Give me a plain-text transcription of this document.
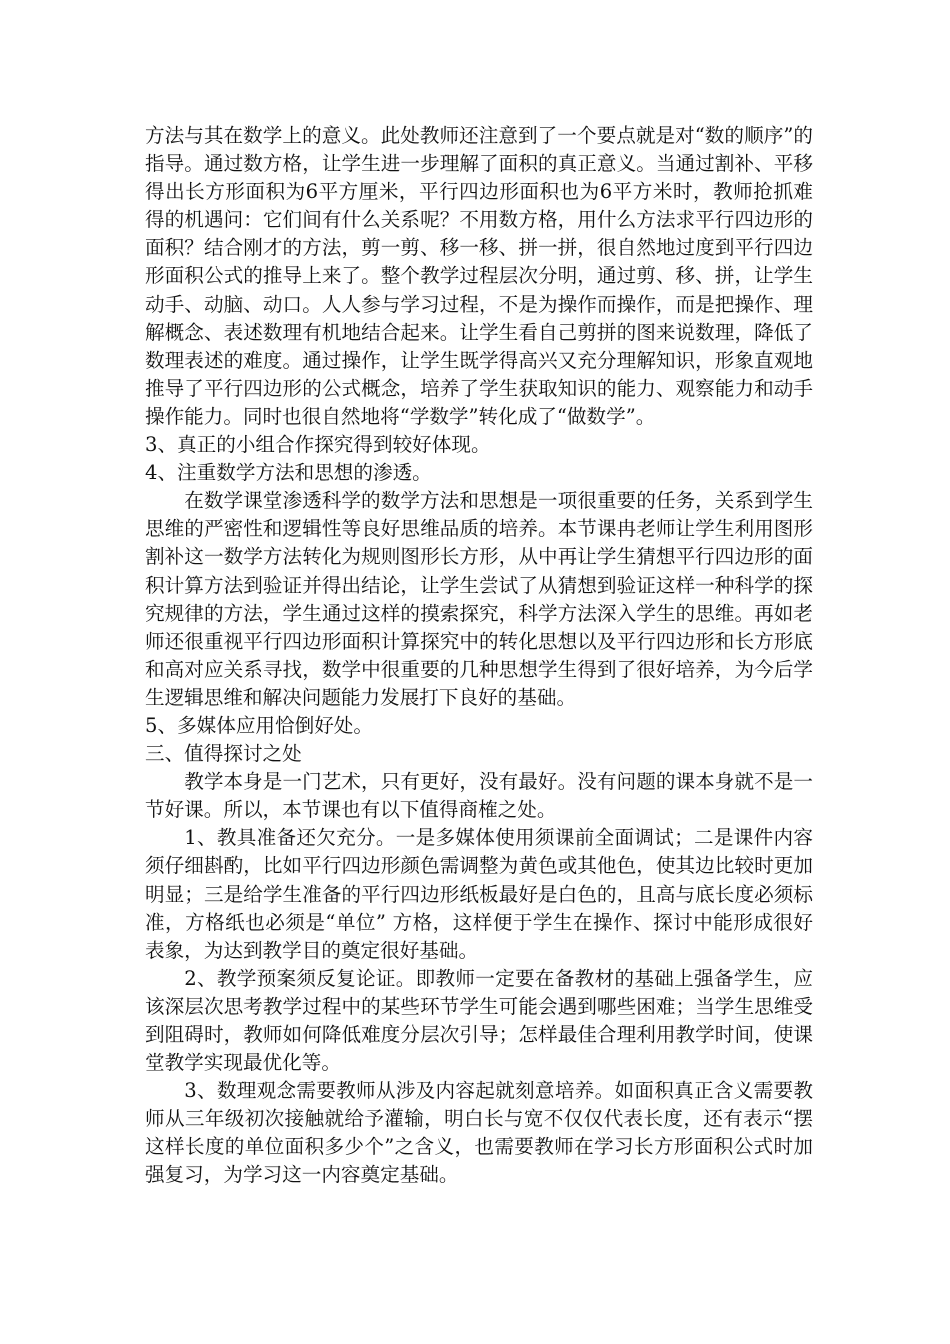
方法与其在数学上的意义。此处教师还注意到了一个要点就是对“数的顺序”的指导。通过数方格，让学生进一步理解了面积的真正意义。当通过割补、平移得出长方形面积为6平方厘米，平行四边形面积也为6平方米时，教师抢抓难得的机遇问：它们间有什么关系呢？不用数方格，用什么方法求平行四边形的面积？结合刚才的方法，剪一剪、移一移、拼一拼，很自然地过度到平行四边形面积公式的推导上来了。整个教学过程层次分明，通过剪、移、拼，让学生动手、动脑、动口。人人参与学习过程，不是为操作而操作，而是把操作、理解概念、表述数理有机地结合起来。让学生看自己剪拼的图来说数理，降低了数理表述的难度。通过操作，让学生既学得高兴又充分理解知识，形象直观地推导了平行四边形的公式概念，培养了学生获取知识的能力、观察能力和动手操作能力。同时也很自然地将“学数学”转化成了“做数学”。

3、真正的小组合作探究得到较好体现。

4、注重数学方法和思想的渗透。

在数学课堂渗透科学的数学方法和思想是一项很重要的任务，关系到学生思维的严密性和逻辑性等良好思维品质的培养。本节课冉老师让学生利用图形割补这一数学方法转化为规则图形长方形，从中再让学生猜想平行四边形的面积计算方法到验证并得出结论，让学生尝试了从猜想到验证这样一种科学的探究规律的方法，学生通过这样的摸索探究，科学方法深入学生的思维。再如老师还很重视平行四边形面积计算探究中的转化思想以及平行四边形和长方形底和高对应关系寻找，数学中很重要的几种思想学生得到了很好培养，为今后学生逻辑思维和解决问题能力发展打下良好的基础。

5、多媒体应用恰倒好处。

三、值得探讨之处

教学本身是一门艺术，只有更好，没有最好。没有问题的课本身就不是一节好课。所以，本节课也有以下值得商榷之处。

1、教具准备还欠充分。一是多媒体使用须课前全面调试；二是课件内容须仔细斟酌，比如平行四边形颜色需调整为黄色或其他色，使其边比较时更加明显；三是给学生准备的平行四边形纸板最好是白色的，且高与底长度必须标准，方格纸也必须是“单位” 方格，这样便于学生在操作、探讨中能形成很好表象，为达到教学目的奠定很好基础。

2、教学预案须反复论证。即教师一定要在备教材的基础上强备学生，应该深层次思考教学过程中的某些环节学生可能会遇到哪些困难；当学生思维受到阻碍时，教师如何降低难度分层次引导；怎样最佳合理利用教学时间，使课堂教学实现最优化等。

3、数理观念需要教师从涉及内容起就刻意培养。如面积真正含义需要教师从三年级初次接触就给予灌输，明白长与宽不仅仅代表长度，还有表示“摆这样长度的单位面积多少个”之含义，也需要教师在学习长方形面积公式时加强复习，为学习这一内容奠定基础。
